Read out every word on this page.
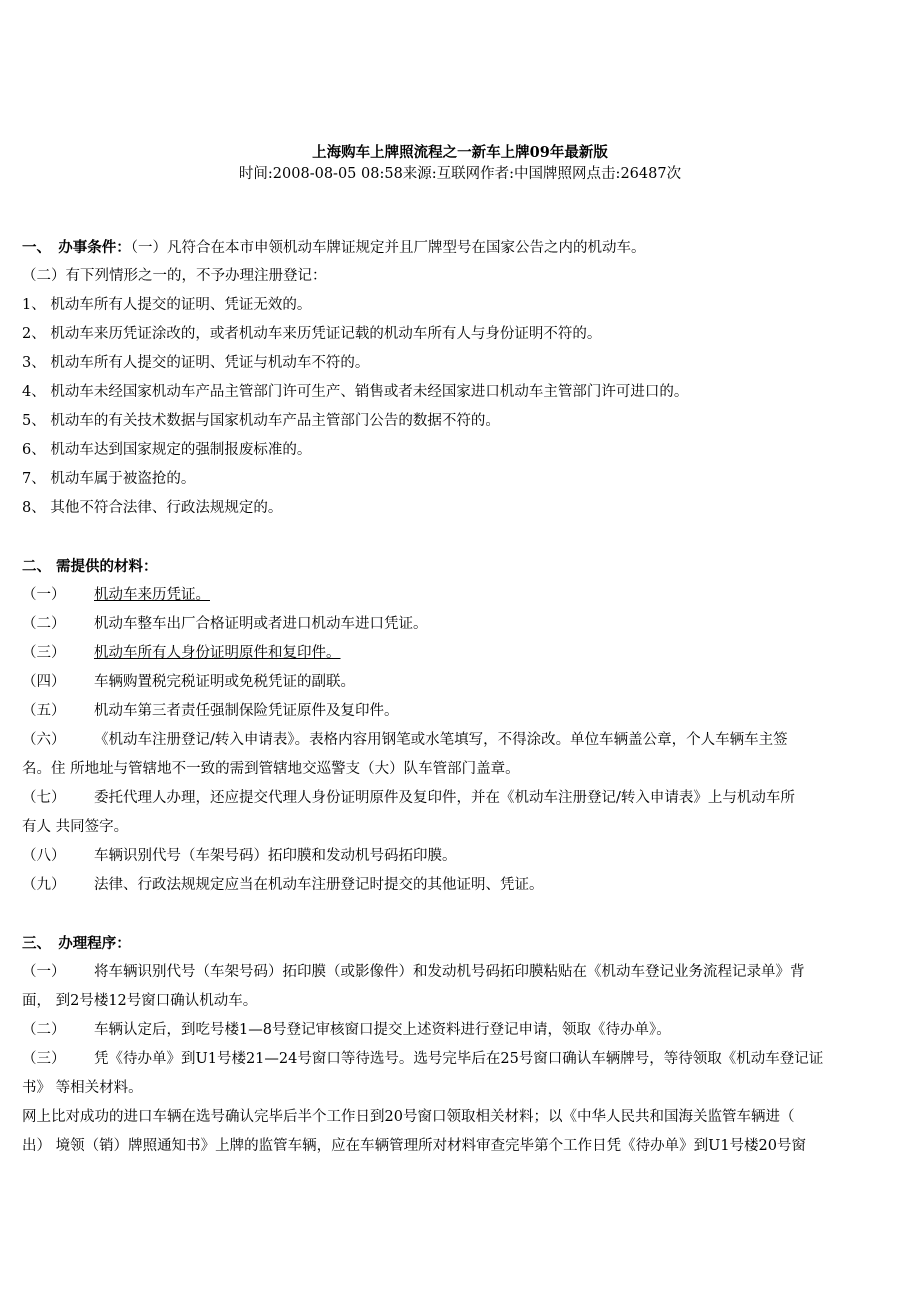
上海购车上牌照流程之一新车上牌09年最新版
时间:2008-08-05 08:58来源:互联网作者:中国牌照网点击:26487次
一、　办事条件：（一）凡符合在本市申领机动车牌证规定并且厂牌型号在国家公告之内的机动车。
（二）有下列情形之一的，不予办理注册登记：
1、 机动车所有人提交的证明、凭证无效的。
2、 机动车来历凭证涂改的，或者机动车来历凭证记载的机动车所有人与身份证明不符的。
3、 机动车所有人提交的证明、凭证与机动车不符的。
4、 机动车未经国家机动车产品主管部门许可生产、销售或者未经国家进口机动车主管部门许可进口的。
5、 机动车的有关技术数据与国家机动车产品主管部门公告的数据不符的。
6、 机动车达到国家规定的强制报废标准的。
7、 机动车属于被盗抢的。
8、 其他不符合法律、行政法规规定的。
二、 需提供的材料：
（一） 机动车来历凭证。
（二） 机动车整车出厂合格证明或者进口机动车进口凭证。
（三） 机动车所有人身份证明原件和复印件。
（四） 车辆购置税完税证明或免税凭证的副联。
（五） 机动车第三者责任强制保险凭证原件及复印件。
（六） 《机动车注册登记/转入申请表》。表格内容用钢笔或水笔填写，不得涂改。单位车辆盖公章，个人车辆车主签
名。住 所地址与管辖地不一致的需到管辖地交巡警支（大）队车管部门盖章。
（七） 委托代理人办理，还应提交代理人身份证明原件及复印件，并在《机动车注册登记/转入申请表》上与机动车所
有人 共同签字。
（八） 车辆识别代号（车架号码）拓印膜和发动机号码拓印膜。
（九） 法律、行政法规规定应当在机动车注册登记时提交的其他证明、凭证。
三、　办理程序：
（一） 将车辆识别代号（车架号码）拓印膜（或影像件）和发动机号码拓印膜粘贴在《机动车登记业务流程记录单》背
面， 到2号楼12号窗口确认机动车。
（二） 车辆认定后，到吃号楼1—8号登记审核窗口提交上述资料进行登记申请，领取《待办单》。
（三） 凭《待办单》到U1号楼21—24号窗口等待选号。选号完毕后在25号窗口确认车辆牌号，等待领取《机动车登记证
书》 等相关材料。
网上比对成功的进口车辆在选号确认完毕后半个工作日到20号窗口领取相关材料；以《中华人民共和国海关监管车辆进（
出） 境领（销）牌照通知书》上牌的监管车辆，应在车辆管理所对材料审查完毕第个工作日凭《待办单》到U1号楼20号窗
